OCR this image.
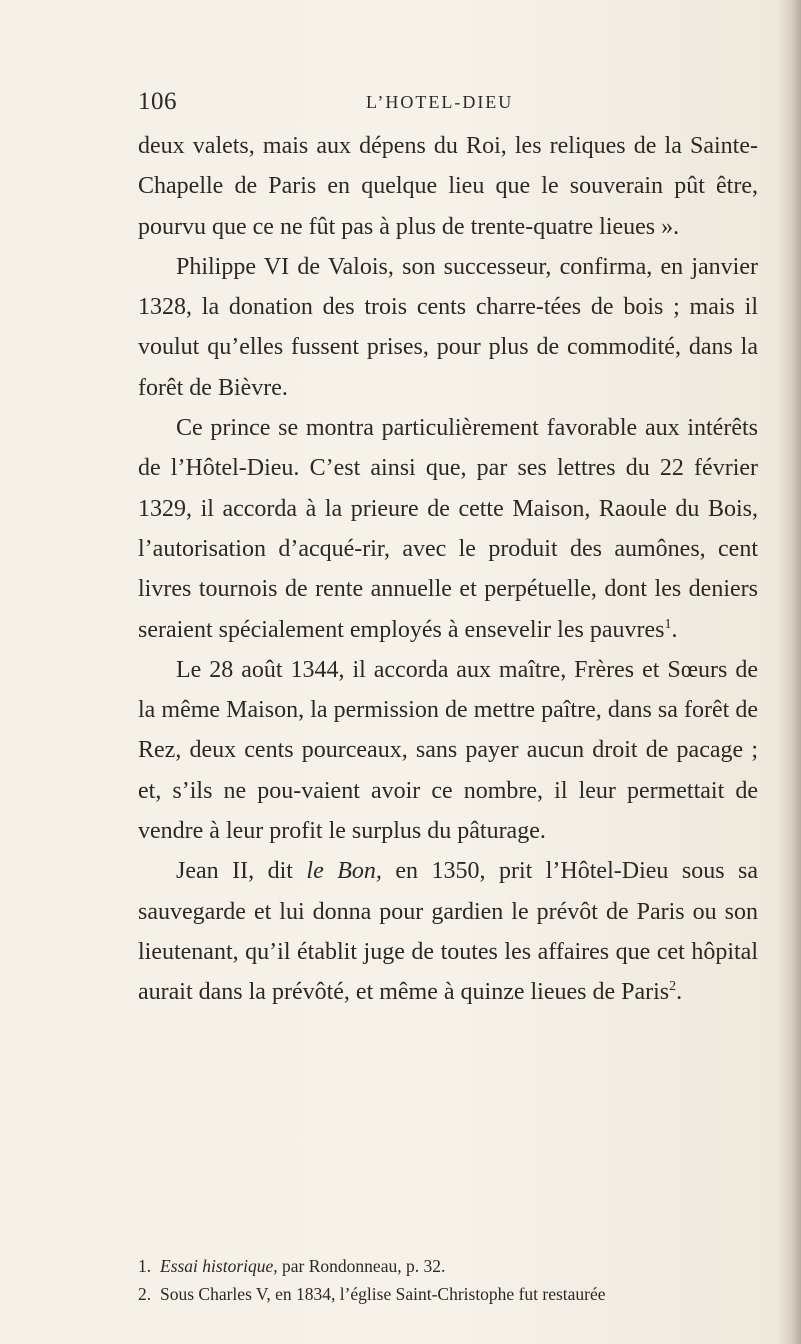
106	L’HOTEL-DIEU

deux valets, mais aux dépens du Roi, les reliques de la Sainte-Chapelle de Paris en quelque lieu que le souverain pût être, pourvu que ce ne fût pas à plus de trente-quatre lieues ».

Philippe VI de Valois, son successeur, confirma, en janvier 1328, la donation des trois cents charre-tées de bois ; mais il voulut qu’elles fussent prises, pour plus de commodité, dans la forêt de Bièvre.

Ce prince se montra particulièrement favorable aux intérêts de l’Hôtel-Dieu. C’est ainsi que, par ses lettres du 22 février 1329, il accorda à la prieure de cette Maison, Raoule du Bois, l’autorisation d’acqué-rir, avec le produit des aumônes, cent livres tournois de rente annuelle et perpétuelle, dont les deniers seraient spécialement employés à ensevelir les pauvres$^1$.

Le 28 août 1344, il accorda aux maître, Frères et Sœurs de la même Maison, la permission de mettre paître, dans sa forêt de Rez, deux cents pourceaux, sans payer aucun droit de pacage ; et, s’ils ne pou-vaient avoir ce nombre, il leur permettait de vendre à leur profit le surplus du pâturage.

Jean II, dit le Bon, en 1350, prit l’Hôtel-Dieu sous sa sauvegarde et lui donna pour gardien le prévôt de Paris ou son lieutenant, qu’il établit juge de toutes les affaires que cet hôpital aurait dans la prévôté, et même à quinze lieues de Paris$^2$.

1. Essai historique, par Rondonneau, p. 32.

2. Sous Charles V, en 1834, l’église Saint-Christophe fut restaurée
